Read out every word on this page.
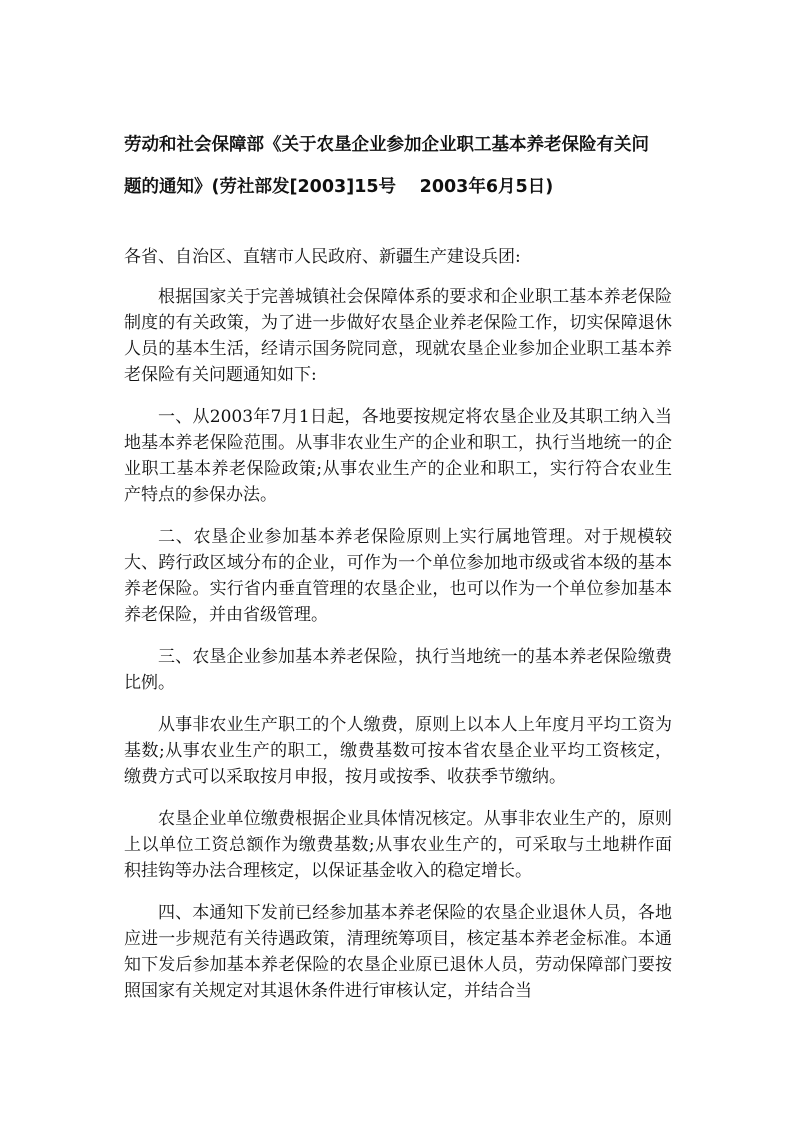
劳动和社会保障部《关于农垦企业参加企业职工基本养老保险有关问
题的通知》(劳社部发[2003]15号　 2003年6月5日)

各省、自治区、直辖市人民政府、新疆生产建设兵团:

根据国家关于完善城镇社会保障体系的要求和企业职工基本养老保险制度的有关政策，为了进一步做好农垦企业养老保险工作，切实保障退休人员的基本生活，经请示国务院同意，现就农垦企业参加企业职工基本养老保险有关问题通知如下:

一、从2003年7月1日起，各地要按规定将农垦企业及其职工纳入当地基本养老保险范围。从事非农业生产的企业和职工，执行当地统一的企业职工基本养老保险政策;从事农业生产的企业和职工，实行符合农业生产特点的参保办法。

二、农垦企业参加基本养老保险原则上实行属地管理。对于规模较大、跨行政区域分布的企业，可作为一个单位参加地市级或省本级的基本养老保险。实行省内垂直管理的农垦企业，也可以作为一个单位参加基本养老保险，并由省级管理。

三、农垦企业参加基本养老保险，执行当地统一的基本养老保险缴费比例。

从事非农业生产职工的个人缴费，原则上以本人上年度月平均工资为基数;从事农业生产的职工，缴费基数可按本省农垦企业平均工资核定，缴费方式可以采取按月申报，按月或按季、收获季节缴纳。

农垦企业单位缴费根据企业具体情况核定。从事非农业生产的，原则上以单位工资总额作为缴费基数;从事农业生产的，可采取与土地耕作面积挂钩等办法合理核定，以保证基金收入的稳定增长。

四、本通知下发前已经参加基本养老保险的农垦企业退休人员，各地应进一步规范有关待遇政策，清理统筹项目，核定基本养老金标准。本通知下发后参加基本养老保险的农垦企业原已退休人员，劳动保障部门要按照国家有关规定对其退休条件进行审核认定，并结合当
